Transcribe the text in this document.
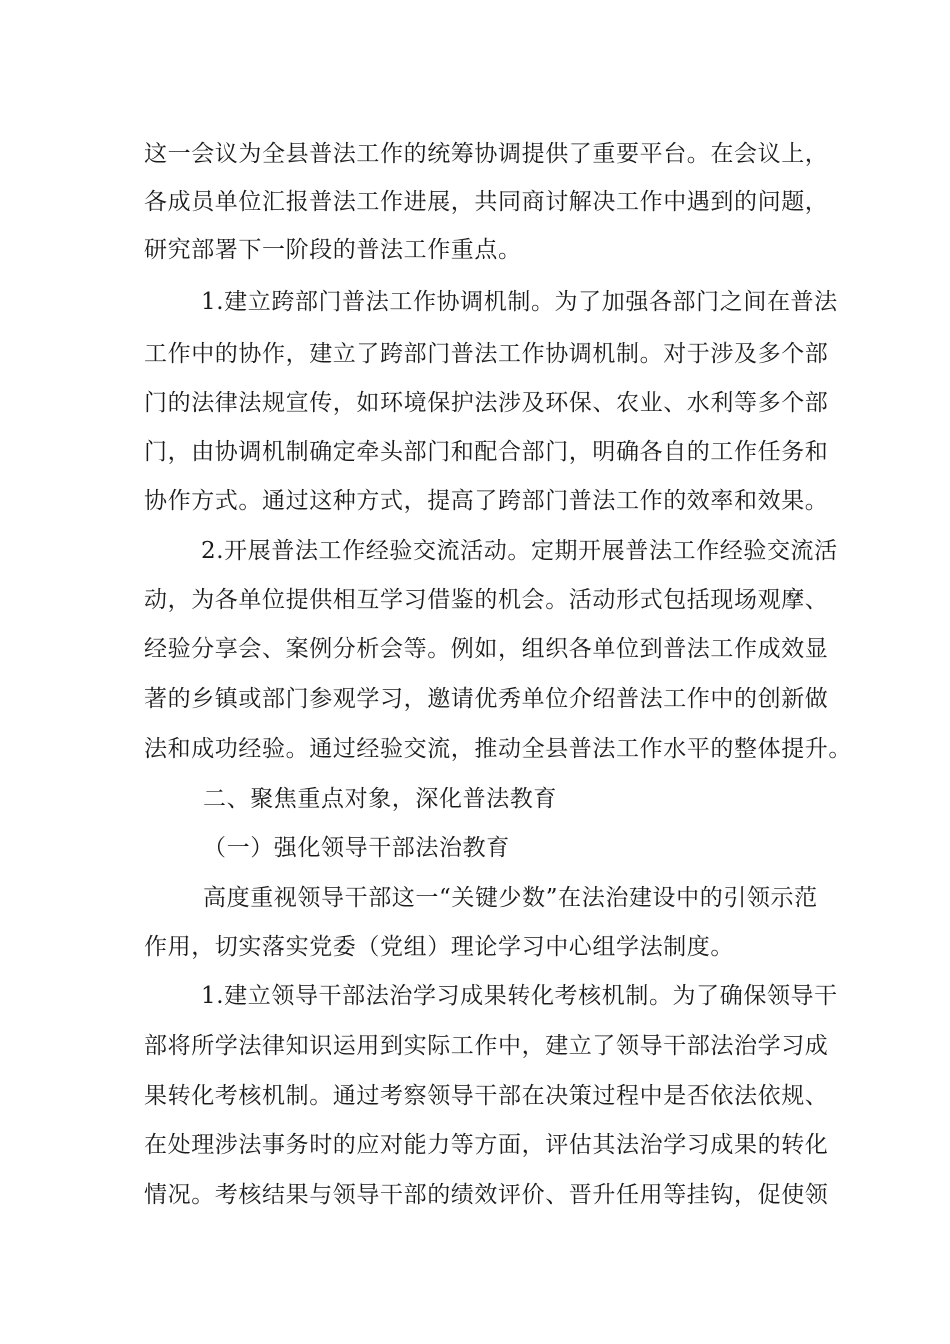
这一会议为全县普法工作的统筹协调提供了重要平台。在会议上，
各成员单位汇报普法工作进展，共同商讨解决工作中遇到的问题，
研究部署下一阶段的普法工作重点。
1.建立跨部门普法工作协调机制。为了加强各部门之间在普法
工作中的协作，建立了跨部门普法工作协调机制。对于涉及多个部
门的法律法规宣传，如环境保护法涉及环保、农业、水利等多个部
门，由协调机制确定牵头部门和配合部门，明确各自的工作任务和
协作方式。通过这种方式，提高了跨部门普法工作的效率和效果。
2.开展普法工作经验交流活动。定期开展普法工作经验交流活
动，为各单位提供相互学习借鉴的机会。活动形式包括现场观摩、
经验分享会、案例分析会等。例如，组织各单位到普法工作成效显
著的乡镇或部门参观学习，邀请优秀单位介绍普法工作中的创新做
法和成功经验。通过经验交流，推动全县普法工作水平的整体提升。
二、聚焦重点对象，深化普法教育
（一）强化领导干部法治教育
高度重视领导干部这一“关键少数”在法治建设中的引领示范
作用，切实落实党委（党组）理论学习中心组学法制度。
1.建立领导干部法治学习成果转化考核机制。为了确保领导干
部将所学法律知识运用到实际工作中，建立了领导干部法治学习成
果转化考核机制。通过考察领导干部在决策过程中是否依法依规、
在处理涉法事务时的应对能力等方面，评估其法治学习成果的转化
情况。考核结果与领导干部的绩效评价、晋升任用等挂钩，促使领
